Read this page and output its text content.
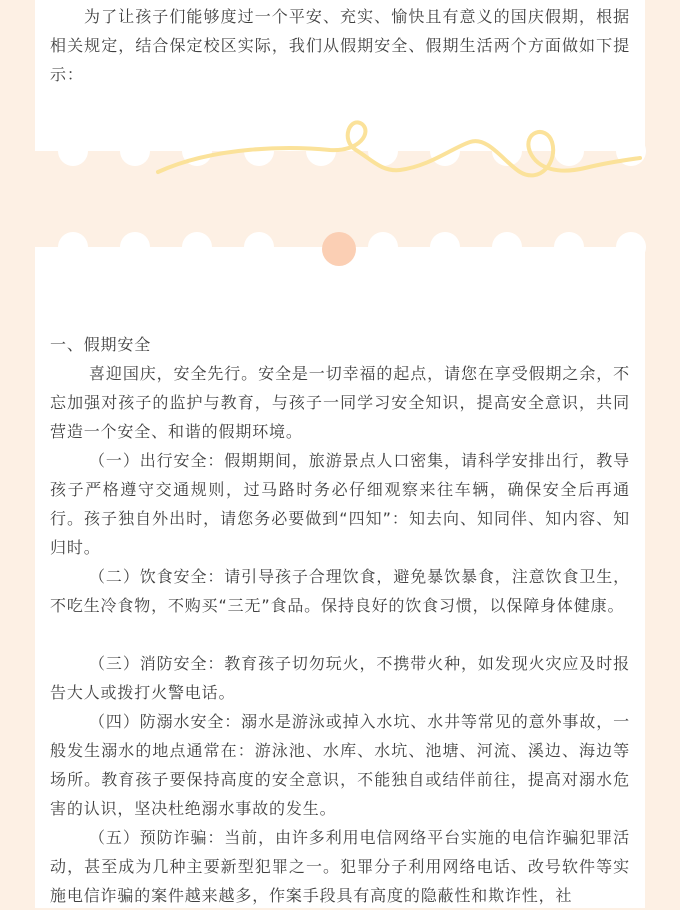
为了让孩子们能够度过一个平安、充实、愉快且有意义的国庆假期，根据相关规定，结合保定校区实际，我们从假期安全、假期生活两个方面做如下提示：

一、假期安全

喜迎国庆，安全先行。安全是一切幸福的起点，请您在享受假期之余，不忘加强对孩子的监护与教育，与孩子一同学习安全知识，提高安全意识，共同营造一个安全、和谐的假期环境。

（一）出行安全：假期期间，旅游景点人口密集，请科学安排出行，教导孩子严格遵守交通规则，过马路时务必仔细观察来往车辆，确保安全后再通行。孩子独自外出时，请您务必要做到“四知”：知去向、知同伴、知内容、知归时。

（二）饮食安全：请引导孩子合理饮食，避免暴饮暴食，注意饮食卫生，不吃生冷食物，不购买“三无”食品。保持良好的饮食习惯，以保障身体健康。

（三）消防安全：教育孩子切勿玩火，不携带火种，如发现火灾应及时报告大人或拨打火警电话。

（四）防溺水安全：溺水是游泳或掉入水坑、水井等常见的意外事故，一般发生溺水的地点通常在：游泳池、水库、水坑、池塘、河流、溪边、海边等场所。教育孩子要保持高度的安全意识，不能独自或结伴前往，提高对溺水危害的认识，坚决杜绝溺水事故的发生。

（五）预防诈骗：当前，由许多利用电信网络平台实施的电信诈骗犯罪活动，甚至成为几种主要新型犯罪之一。犯罪分子利用网络电话、改号软件等实施电信诈骗的案件越来越多，作案手段具有高度的隐蔽性和欺诈性，社
